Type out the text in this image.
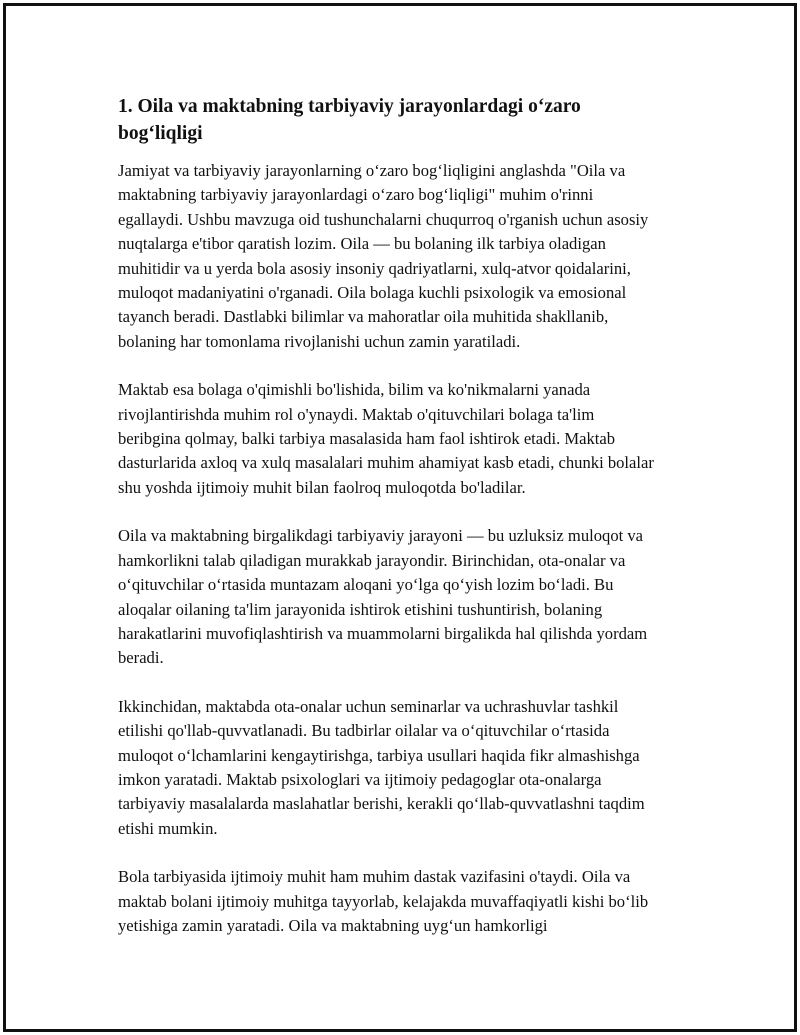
1. Oila va maktabning tarbiyaviy jarayonlardagi o‘zaro bog‘liqligi

Jamiyat va tarbiyaviy jarayonlarning o‘zaro bog‘liqligini anglashda "Oila va maktabning tarbiyaviy jarayonlardagi o‘zaro bog‘liqligi" muhim o'rinni egallaydi. Ushbu mavzuga oid tushunchalarni chuqurroq o'rganish uchun asosiy nuqtalarga e'tibor qaratish lozim. Oila — bu bolaning ilk tarbiya oladigan muhitidir va u yerda bola asosiy insoniy qadriyatlarni, xulq-atvor qoidalarini, muloqot madaniyatini o'rganadi. Oila bolaga kuchli psixologik va emosional tayanch beradi. Dastlabki bilimlar va mahoratlar oila muhitida shakllanib, bolaning har tomonlama rivojlanishi uchun zamin yaratiladi.

Maktab esa bolaga o'qimishli bo'lishida, bilim va ko'nikmalarni yanada rivojlantirishda muhim rol o'ynaydi. Maktab o'qituvchilari bolaga ta'lim beribgina qolmay, balki tarbiya masalasida ham faol ishtirok etadi. Maktab dasturlarida axloq va xulq masalalari muhim ahamiyat kasb etadi, chunki bolalar shu yoshda ijtimoiy muhit bilan faolroq muloqotda bo'ladilar.

Oila va maktabning birgalikdagi tarbiyaviy jarayoni — bu uzluksiz muloqot va hamkorlikni talab qiladigan murakkab jarayondir. Birinchidan, ota-onalar va o‘qituvchilar o‘rtasida muntazam aloqani yo‘lga qo‘yish lozim bo‘ladi. Bu aloqalar oilaning ta'lim jarayonida ishtirok etishini tushuntirish, bolaning harakatlarini muvofiqlashtirish va muammolarni birgalikda hal qilishda yordam beradi.

Ikkinchidan, maktabda ota-onalar uchun seminarlar va uchrashuvlar tashkil etilishi qo'llab-quvvatlanadi. Bu tadbirlar oilalar va o‘qituvchilar o‘rtasida muloqot o‘lchamlarini kengaytirishga, tarbiya usullari haqida fikr almashishga imkon yaratadi. Maktab psixologlari va ijtimoiy pedagoglar ota-onalarga tarbiyaviy masalalarda maslahatlar berishi, kerakli qo‘llab-quvvatlashni taqdim etishi mumkin.

Bola tarbiyasida ijtimoiy muhit ham muhim dastak vazifasini o'taydi. Oila va maktab bolani ijtimoiy muhitga tayyorlab, kelajakda muvaffaqiyatli kishi bo‘lib yetishiga zamin yaratadi. Oila va maktabning uyg‘un hamkorligi
